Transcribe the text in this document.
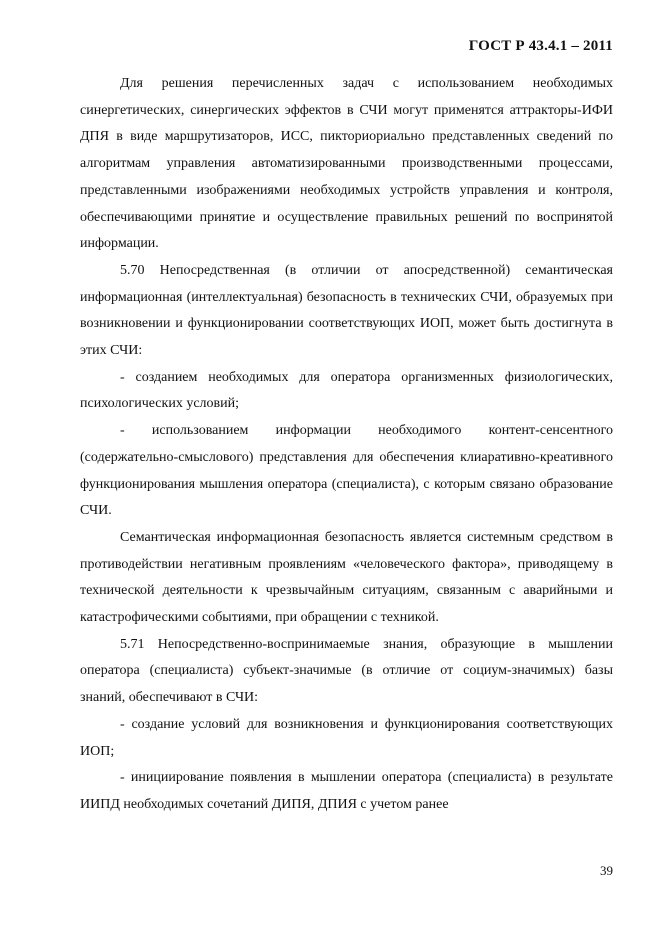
ГОСТ Р 43.4.1 – 2011

Для решения перечисленных задач с использованием необходимых синергетических, синергических эффектов в СЧИ могут применятся аттракторы-ИФИ ДПЯ в виде маршрутизаторов, ИСС, пикториориально представленных сведений по алгоритмам управления автоматизированными производственными процессами, представленными изображениями необходимых устройств управления и контроля, обеспечивающими принятие и осуществление правильных решений по воспринятой информации.

5.70 Непосредственная (в отличии от апосредственной) семантическая информационная (интеллектуальная) безопасность в технических СЧИ, образуемых при возникновении и функционировании соответствующих ИОП, может быть достигнута в этих СЧИ:

- созданием необходимых для оператора организменных физиологических, психологических условий;

- использованием информации необходимого контент-сенсентного (содержательно-смыслового) представления для обеспечения клиаративно-креативного функционирования мышления оператора (специалиста), с которым связано образование СЧИ.

Семантическая информационная безопасность является системным средством в противодействии негативным проявлениям «человеческого фактора», приводящему в технической деятельности к чрезвычайным ситуациям, связанным с аварийными и катастрофическими событиями, при обращении с техникой.

5.71 Непосредственно-воспринимаемые знания, образующие в мышлении оператора (специалиста) субъект-значимые (в отличие от социум-значимых) базы знаний, обеспечивают в СЧИ:

- создание условий для возникновения и функционирования соответствующих ИОП;

- инициирование появления в мышлении оператора (специалиста) в результате ИИПД необходимых сочетаний ДИПЯ, ДПИЯ с учетом ранее

39
